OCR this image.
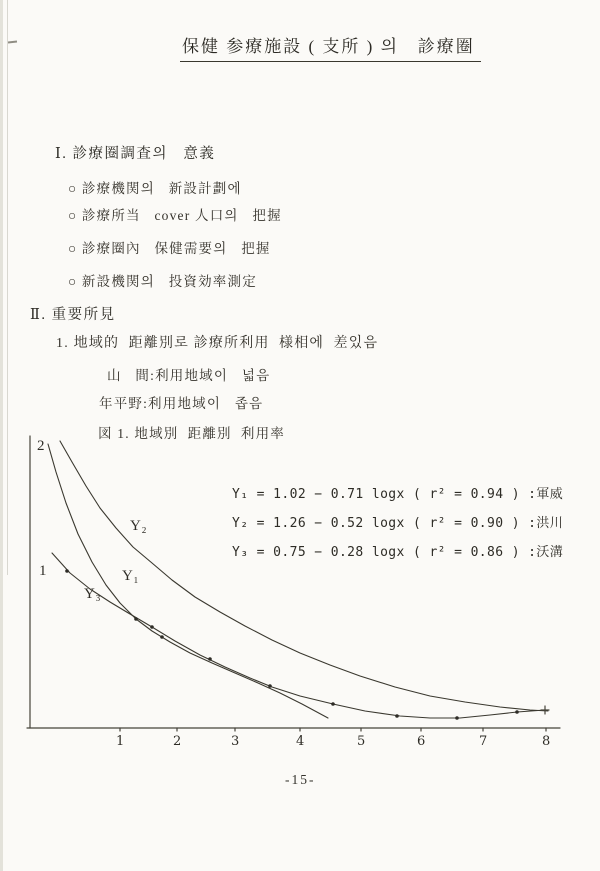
保健 参療施設 ( 支所 ) 의   診療圈
Ⅰ. 診療圈調査의   意義
○ 診療機関의   新設計劃에
○ 診療所当   cover 人口의   把握
○ 診療圈內   保健需要의   把握
○ 新設機関의   投資効率測定
Ⅱ. 重要所見
1. 地域的  距離別로 診療所利用  様相에  差있음
山   間:利用地域이   넓음
年平野:利用地域이   좁음
図 1. 地域別  距離別  利用率
Y₁ = 1.02 − 0.71 logx ( r² = 0.94 ) :軍威
Y₂ = 1.26 − 0.52 logx ( r² = 0.90 ) :洪川
Y₃ = 0.75 − 0.28 logx ( r² = 0.86 ) :沃溝
2
1
Y₂
Y₁
Y₃
1	2	3	4	5	6	7	8
-15-
